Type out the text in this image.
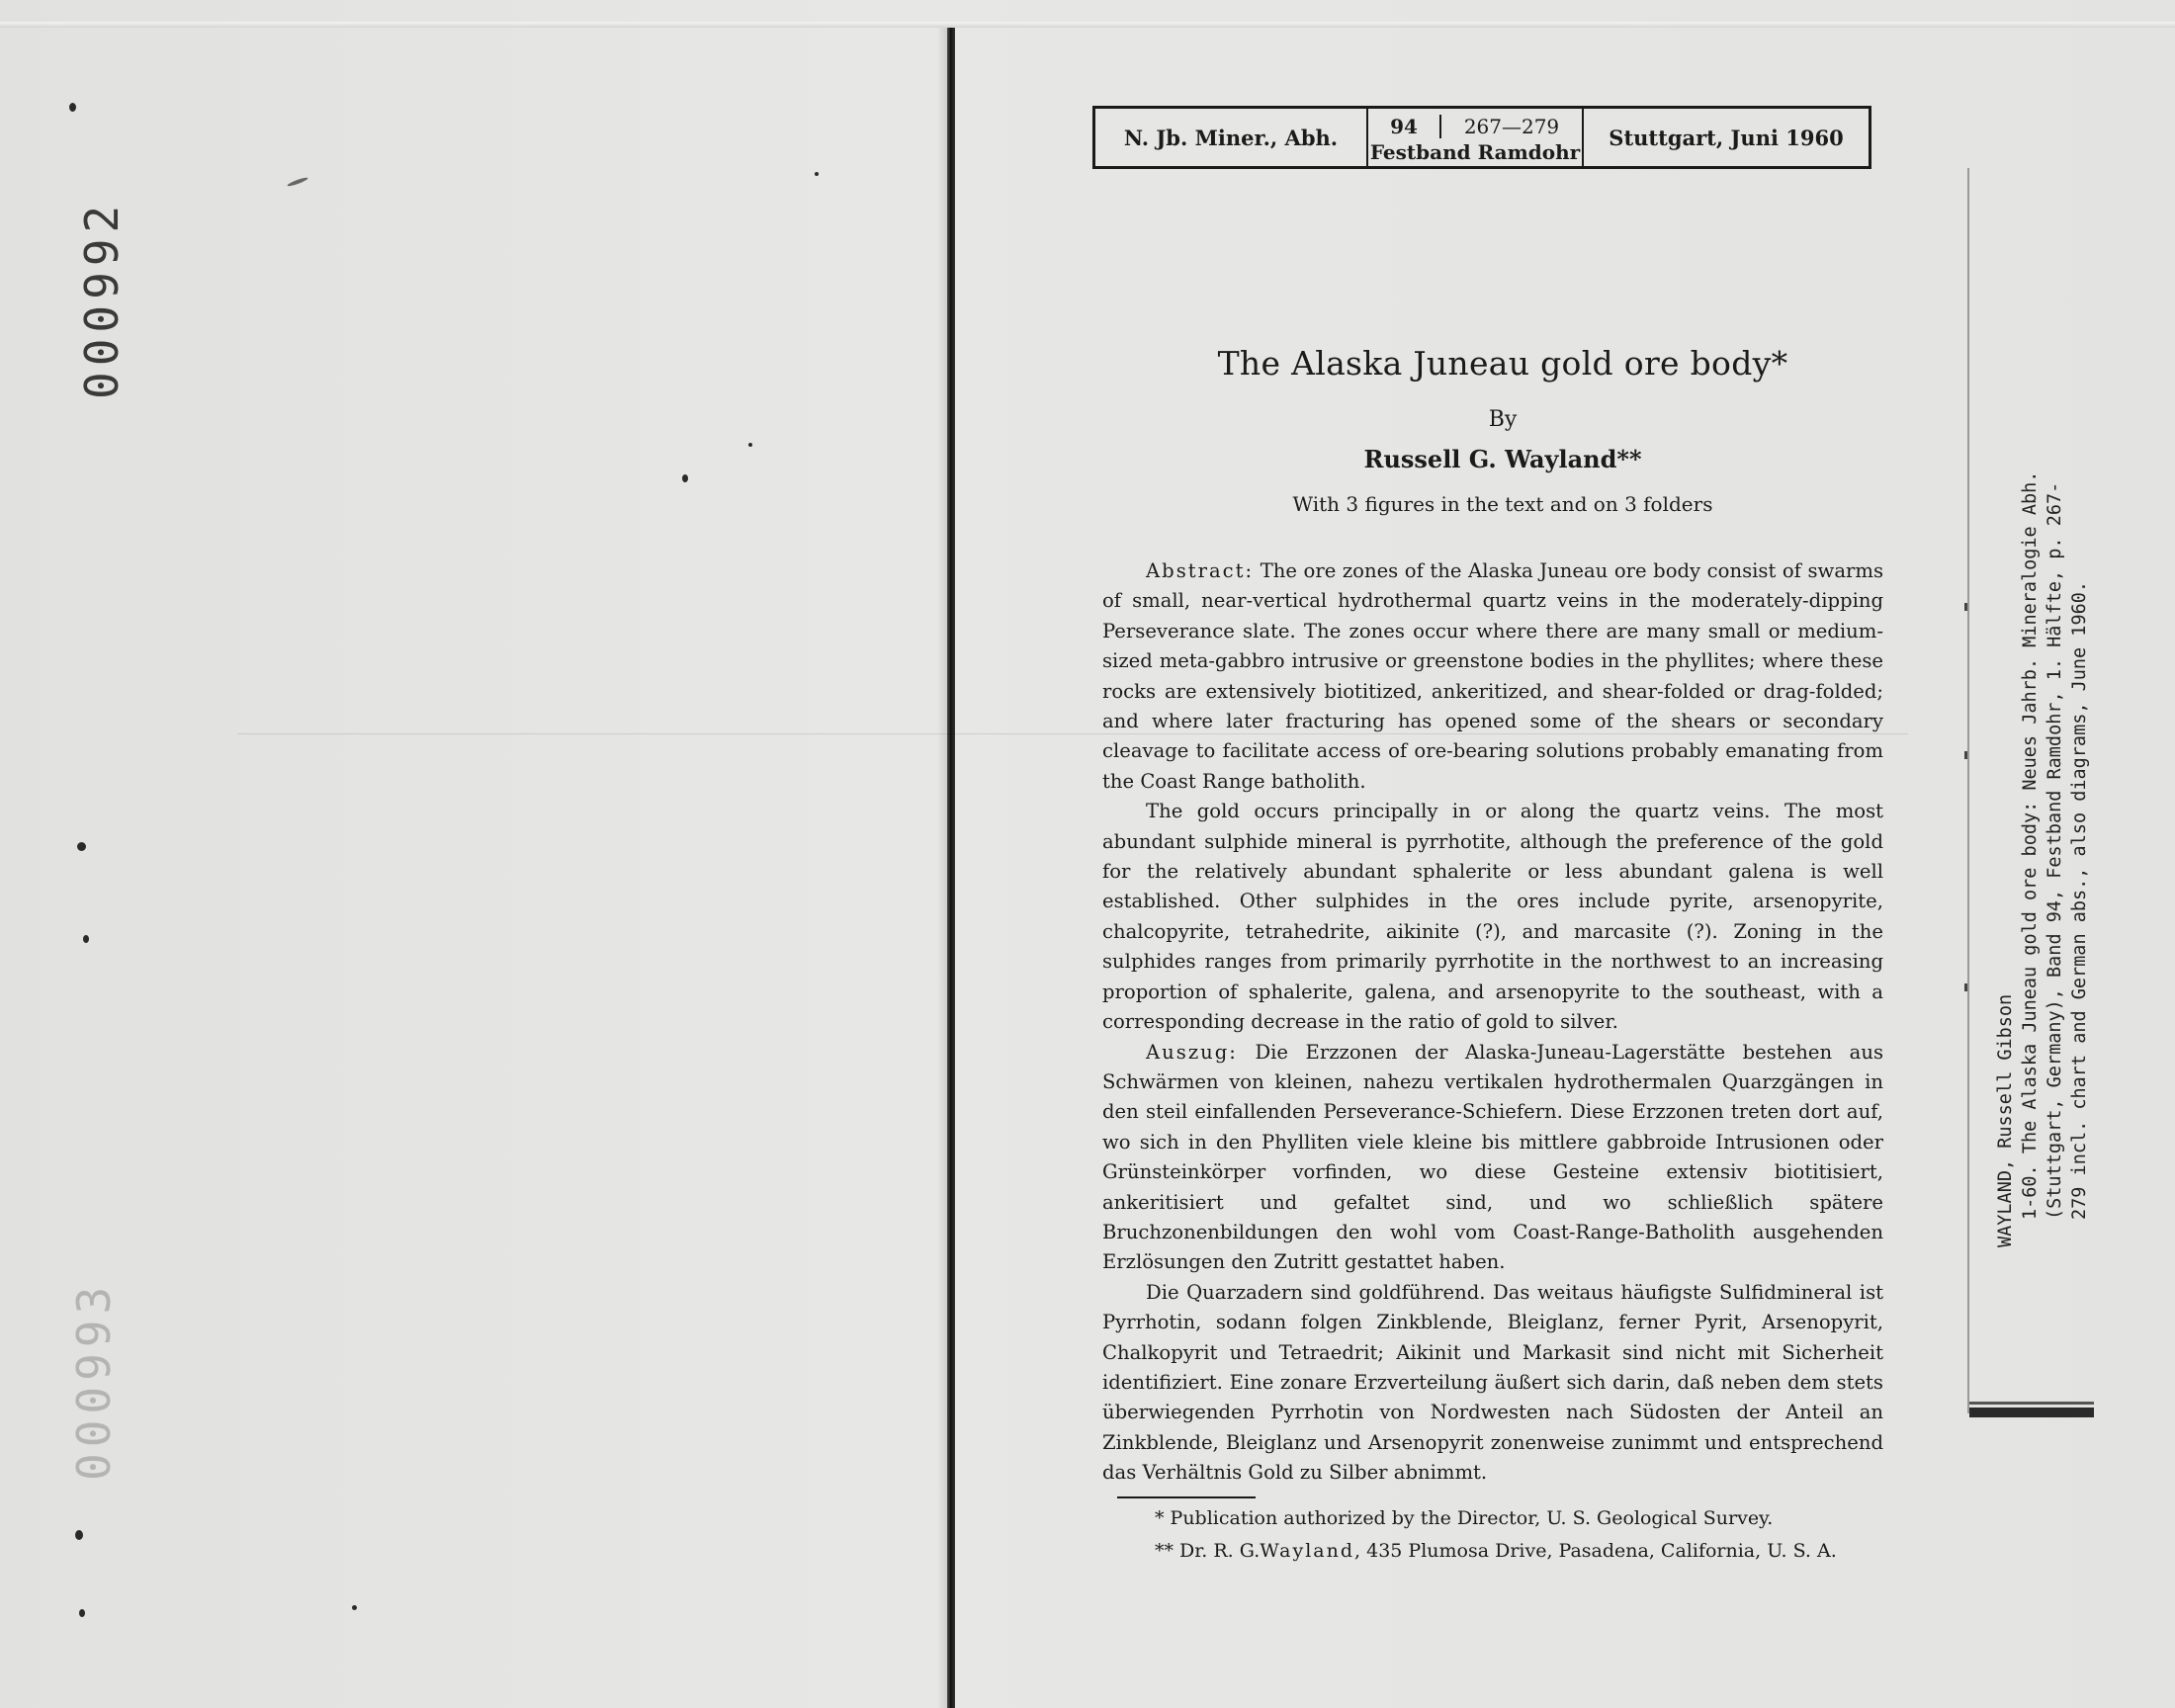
000992
000993
N. Jb. Miner., Abh.	94	267—279
Festband Ramdohr
Stuttgart, Juni 1960
The Alaska Juneau gold ore body*
By
Russell G. Wayland**
With 3 figures in the text and on 3 folders

Abstract: The ore zones of the Alaska Juneau ore body consist of swarms of small, near-vertical hydrothermal quartz veins in the moderately-dipping Perseverance slate. The zones occur where there are many small or medium-sized meta-gabbro intrusive or greenstone bodies in the phyllites; where these rocks are extensively biotitized, ankeritized, and shear-folded or drag-folded; and where later fracturing has opened some of the shears or secondary cleavage to facilitate access of ore-bearing solutions probably emanating from the Coast Range batholith.

The gold occurs principally in or along the quartz veins. The most abundant sulphide mineral is pyrrhotite, although the preference of the gold for the relatively abundant sphalerite or less abundant galena is well established. Other sulphides in the ores include pyrite, arsenopyrite, chalcopyrite, tetrahedrite, aikinite (?), and marcasite (?). Zoning in the sulphides ranges from primarily pyrrhotite in the northwest to an increasing proportion of sphalerite, galena, and arsenopyrite to the southeast, with a corresponding decrease in the ratio of gold to silver.

Auszug: Die Erzzonen der Alaska-Juneau-Lagerstätte bestehen aus Schwärmen von kleinen, nahezu vertikalen hydrothermalen Quarzgängen in den steil einfallenden Perseverance-Schiefern. Diese Erzzonen treten dort auf, wo sich in den Phylliten viele kleine bis mittlere gabbroide Intrusionen oder Grünsteinkörper vorfinden, wo diese Gesteine extensiv biotitisiert, ankeritisiert und gefaltet sind, und wo schließlich spätere Bruchzonenbildungen den wohl vom Coast-Range-Batholith ausgehenden Erzlösungen den Zutritt gestattet haben.

Die Quarzadern sind goldführend. Das weitaus häufigste Sulfidmineral ist Pyrrhotin, sodann folgen Zinkblende, Bleiglanz, ferner Pyrit, Arsenopyrit, Chalkopyrit und Tetraedrit; Aikinit und Markasit sind nicht mit Sicherheit identifiziert. Eine zonare Erzverteilung äußert sich darin, daß neben dem stets überwiegenden Pyrrhotin von Nordwesten nach Südosten der Anteil an Zinkblende, Bleiglanz und Arsenopyrit zonenweise zunimmt und entsprechend das Verhältnis Gold zu Silber abnimmt.

* Publication authorized by the Director, U. S. Geological Survey.
** Dr. R. G.Wayland, 435 Plumosa Drive, Pasadena, California, U. S. A.
WAYLAND, Russell Gibson 1-60. The Alaska Juneau gold ore body: Neues Jahrb. Mineralogie Abh. (Stuttgart, Germany), Band 94, Festband Ramdohr, 1. Hälfte, p. 267- 279 incl. chart and German abs., also diagrams, June 1960.
